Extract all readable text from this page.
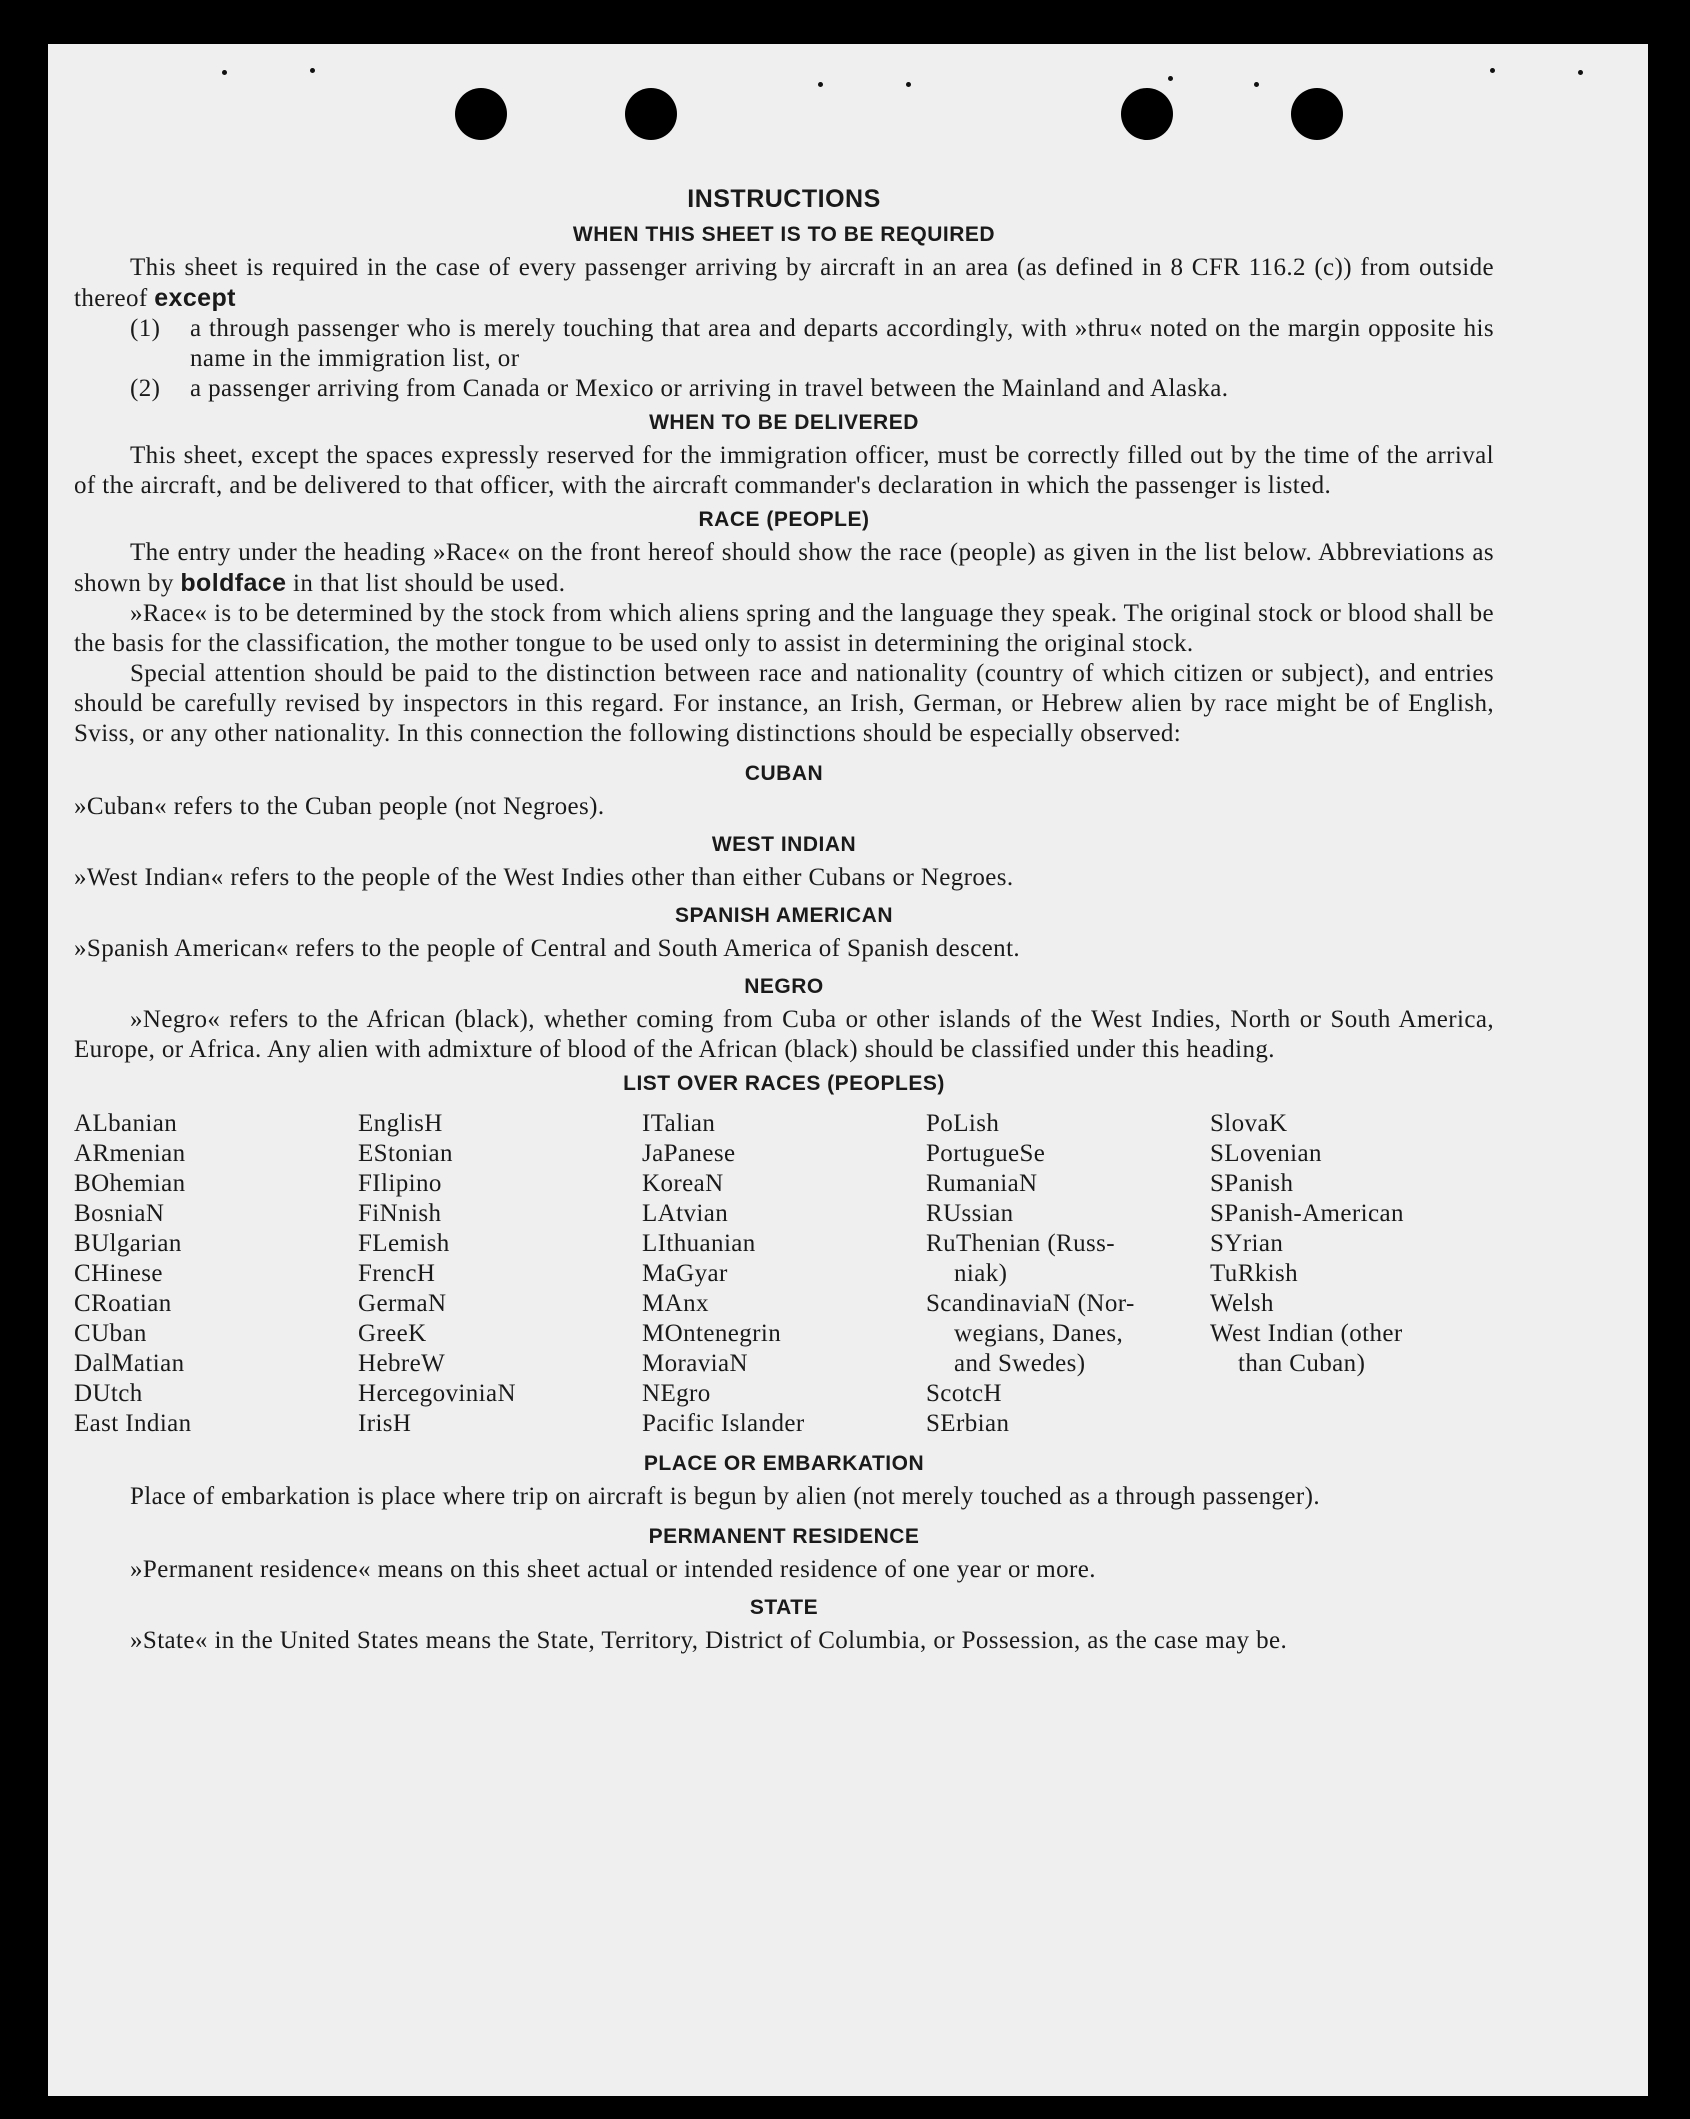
INSTRUCTIONS
WHEN THIS SHEET IS TO BE REQUIRED

This sheet is required in the case of every passenger arriving by aircraft in an area (as defined in 8 CFR 116.2 (c)) from outside thereof except

(1)	a through passenger who is merely touching that area and departs accordingly, with »thru« noted on the margin opposite his name in the immigration list, or
(2)	a passenger arriving from Canada or Mexico or arriving in travel between the Mainland and Alaska.
WHEN TO BE DELIVERED

This sheet, except the spaces expressly reserved for the immigration officer, must be correctly filled out by the time of the arrival of the aircraft, and be delivered to that officer, with the aircraft commander's declaration in which the passenger is listed.

RACE (PEOPLE)

The entry under the heading »Race« on the front hereof should show the race (people) as given in the list below. Abbreviations as shown by boldface in that list should be used.

»Race« is to be determined by the stock from which aliens spring and the language they speak. The original stock or blood shall be the basis for the classification, the mother tongue to be used only to assist in determining the original stock.

Special attention should be paid to the distinction between race and nationality (country of which citizen or subject), and entries should be carefully revised by inspectors in this regard. For instance, an Irish, German, or Hebrew alien by race might be of English, Sviss, or any other nationality. In this connection the following distinctions should be especially observed:

CUBAN

»Cuban« refers to the Cuban people (not Negroes).

WEST INDIAN

»West Indian« refers to the people of the West Indies other than either Cubans or Negroes.

SPANISH AMERICAN

»Spanish American« refers to the people of Central and South America of Spanish descent.

NEGRO

»Negro« refers to the African (black), whether coming from Cuba or other islands of the West Indies, North or South America, Europe, or Africa. Any alien with admixture of blood of the African (black) should be classified under this heading.

LIST OVER RACES (PEOPLES)
ALbanian
ARmenian
BOhemian
BosniaN
BUlgarian
CHinese
CRoatian
CUban
DalMatian
DUtch
East Indian
EnglisH
EStonian
FIlipino
FiNnish
FLemish
FrencH
GermaN
GreeK
HebreW
HercegoviniaN
IrisH
ITalian
JaPanese
KoreaN
LAtvian
LIthuanian
MaGyar
MAnx
MOntenegrin
MoraviaN
NEgro
Pacific Islander
PoLish
PortugueSe
RumaniaN
RUssian
RuThenian (Russ-
niak)
ScandinaviaN (Nor-
wegians, Danes,
and Swedes)
ScotcH
SErbian
SlovaK
SLovenian
SPanish
SPanish-American
SYrian
TuRkish
Welsh
West Indian (other
than Cuban)
PLACE OR EMBARKATION

Place of embarkation is place where trip on aircraft is begun by alien (not merely touched as a through passenger).

PERMANENT RESIDENCE

»Permanent residence« means on this sheet actual or intended residence of one year or more.

STATE

»State« in the United States means the State, Territory, District of Columbia, or Possession, as the case may be.
